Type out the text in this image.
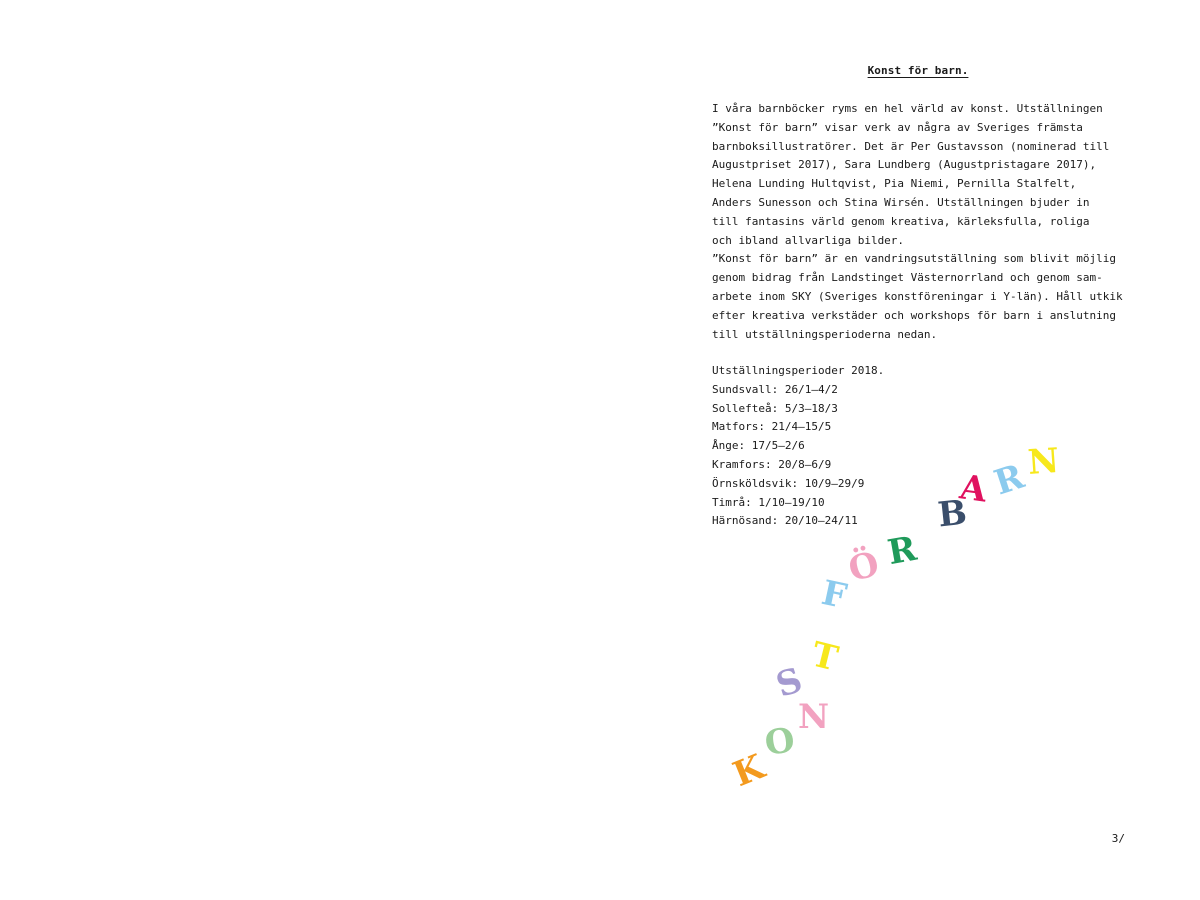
Konst för barn.

I våra barnböcker ryms en hel värld av konst. Utställningen
”Konst för barn” visar verk av några av Sveriges främsta
barnboksillustratörer. Det är Per Gustavsson (nominerad till
Augustpriset 2017), Sara Lundberg (Augustpristagare 2017),
Helena Lunding Hultqvist, Pia Niemi, Pernilla Stalfelt,
Anders Sunesson och Stina Wirsén. Utställningen bjuder in
till fantasins värld genom kreativa, kärleksfulla, roliga
och ibland allvarliga bilder.

”Konst för barn” är en vandringsutställning som blivit möjlig
genom bidrag från Landstinget Västernorrland och genom sam-
arbete inom SKY (Sveriges konstföreningar i Y-län). Håll utkik
efter kreativa verkstäder och workshops för barn i anslutning
till utställningsperioderna nedan.

Utställningsperioder 2018.
Sundsvall: 26/1–4/2
Sollefteå: 5/3–18/3
Matfors: 21/4–15/5
Ånge: 17/5–2/6
Kramfors: 20/8–6/9
Örnsköldsvik: 10/9–29/9
Timrå: 1/10–19/10
Härnösand: 20/10–24/11
K
O
N
S
T
F
Ö R
B
A R
N
3/
